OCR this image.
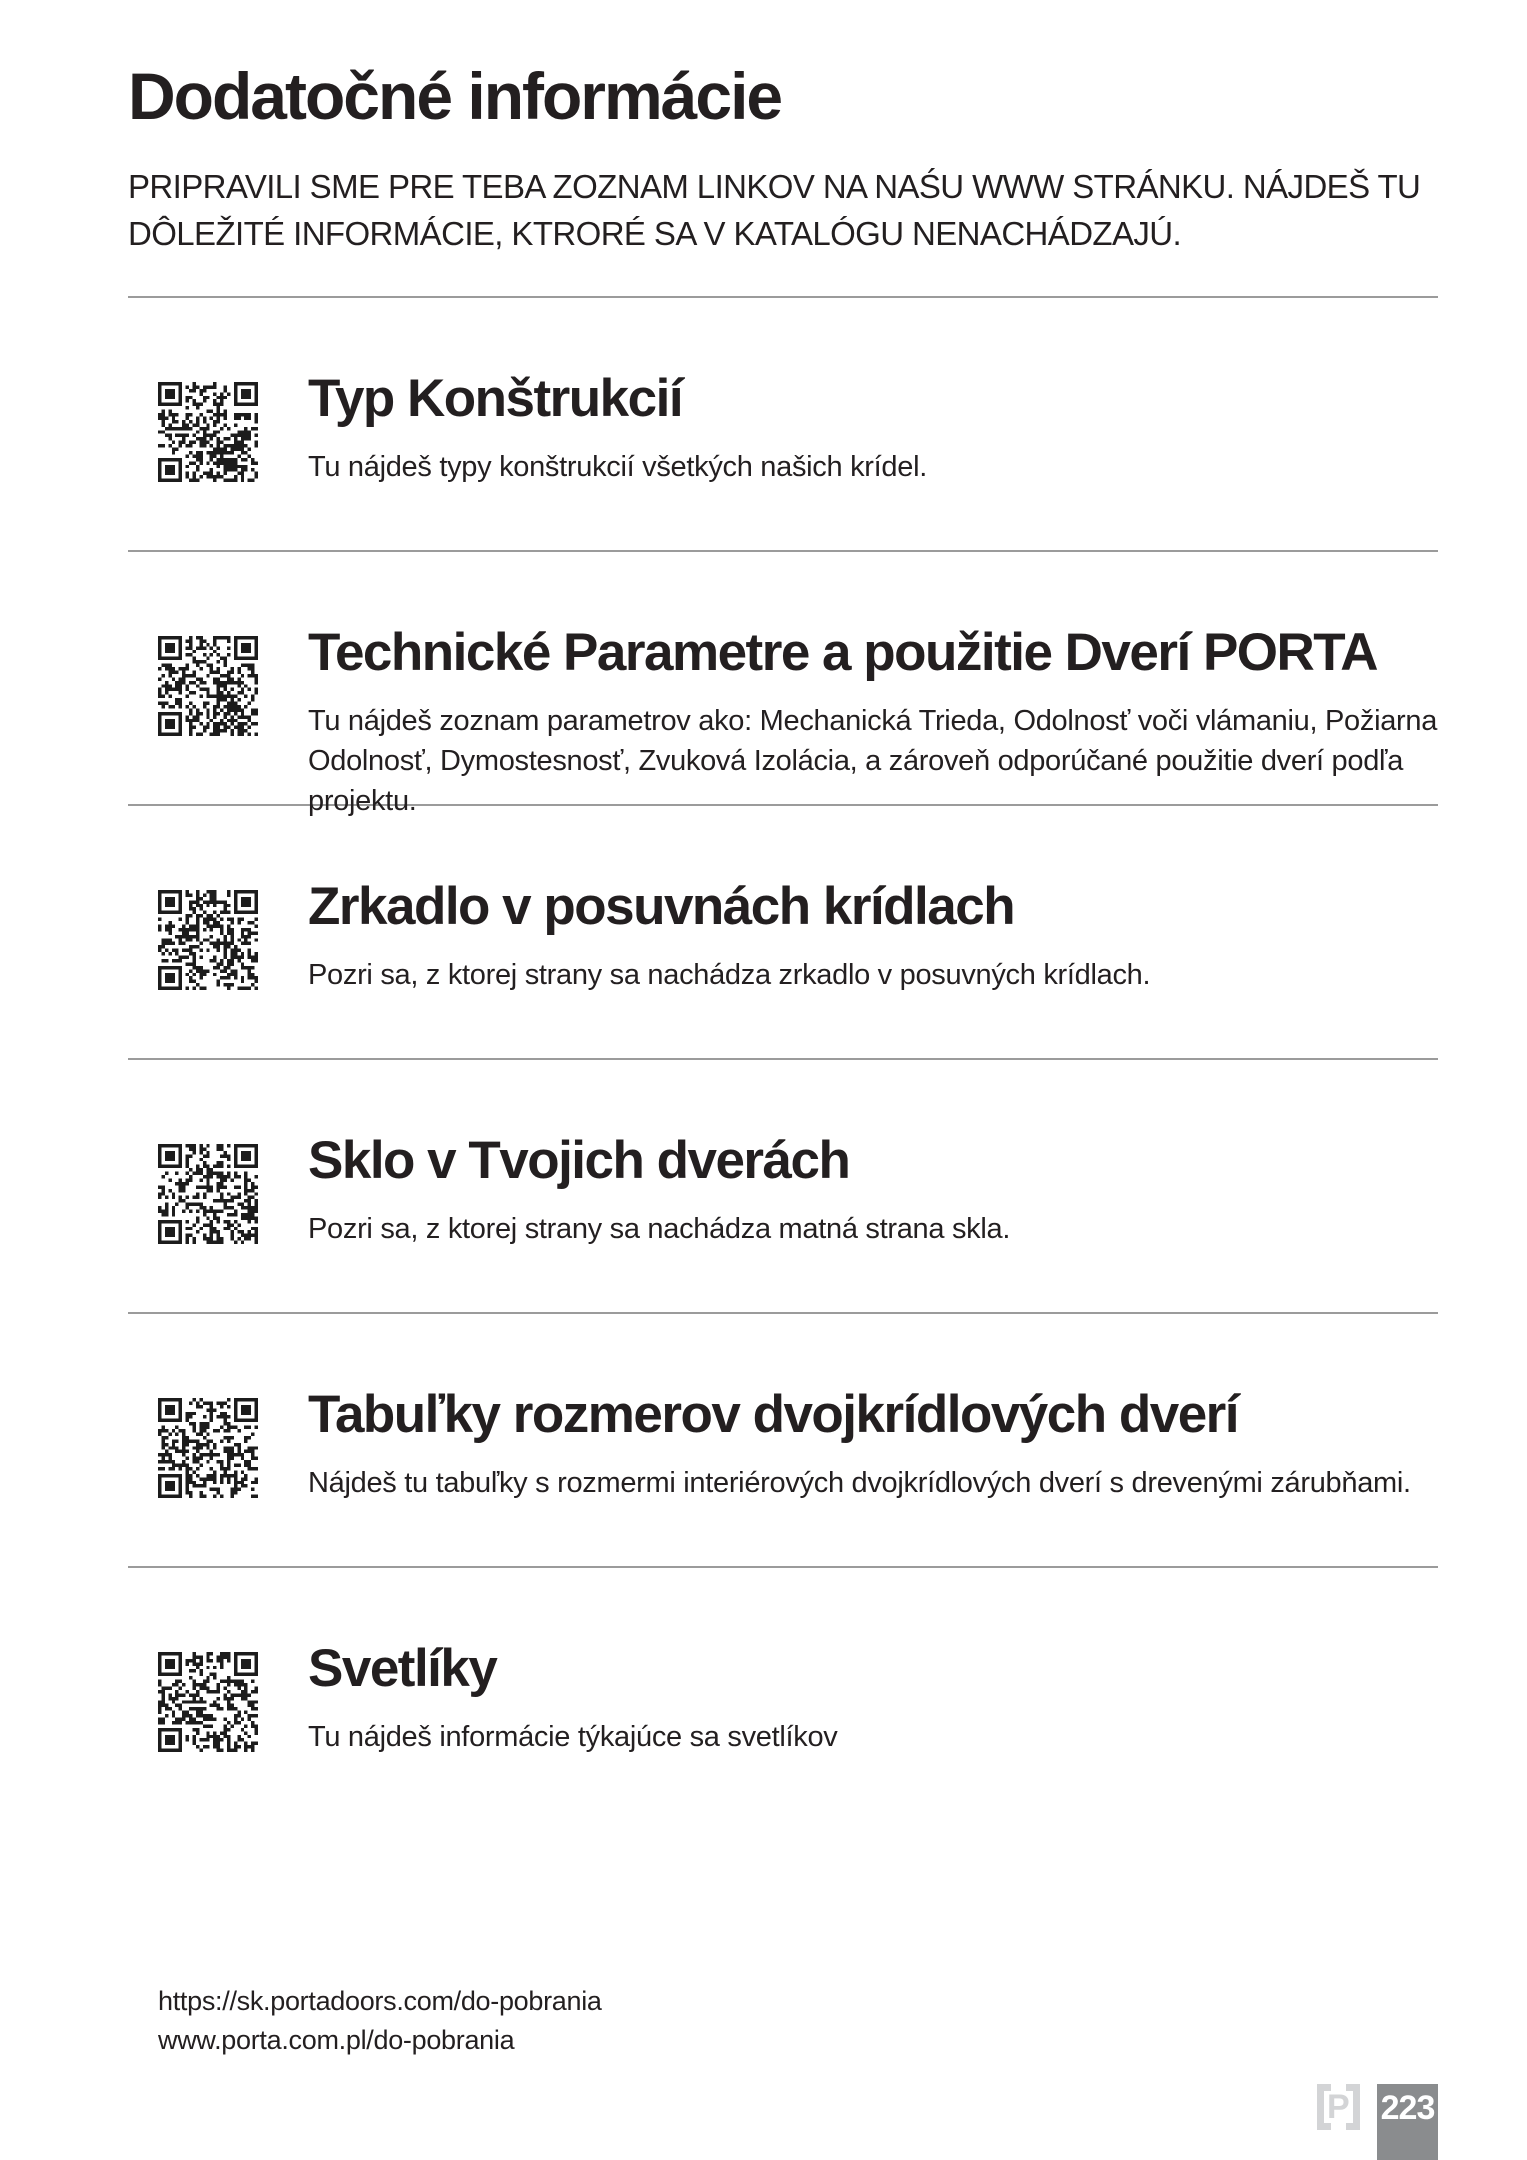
Dodatočné informácie
PRIPRAVILI SME PRE TEBA ZOZNAM LINKOV NA NAŚU WWW STRÁNKU. NÁJDEŠ TU
DÔLEŽITÉ INFORMÁCIE, KTRORÉ SA V KATALÓGU NENACHÁDZAJÚ.
Typ Konštrukcií
Tu nájdeš typy konštrukcií všetkých našich krídel.
Technické Parametre a použitie Dverí PORTA
Tu nájdeš zoznam parametrov ako: Mechanická Trieda, Odolnosť voči vlámaniu, Požiarna
Odolnosť, Dymostesnosť, Zvuková Izolácia, a zároveň odporúčané použitie dverí podľa projektu.
Zrkadlo v posuvnách krídlach
Pozri sa, z ktorej strany sa nachádza zrkadlo v posuvných krídlach.
Sklo v Tvojich dverách
Pozri sa, z ktorej strany sa nachádza matná strana skla.
Tabuľky rozmerov dvojkrídlových dverí
Nájdeš tu tabuľky s rozmermi interiérových dvojkrídlových dverí s drevenými zárubňami.
Svetlíky
Tu nájdeš informácie týkajúce sa svetlíkov
https://sk.portadoors.com/do-pobrania
www.porta.com.pl/do-pobrania
P 223
